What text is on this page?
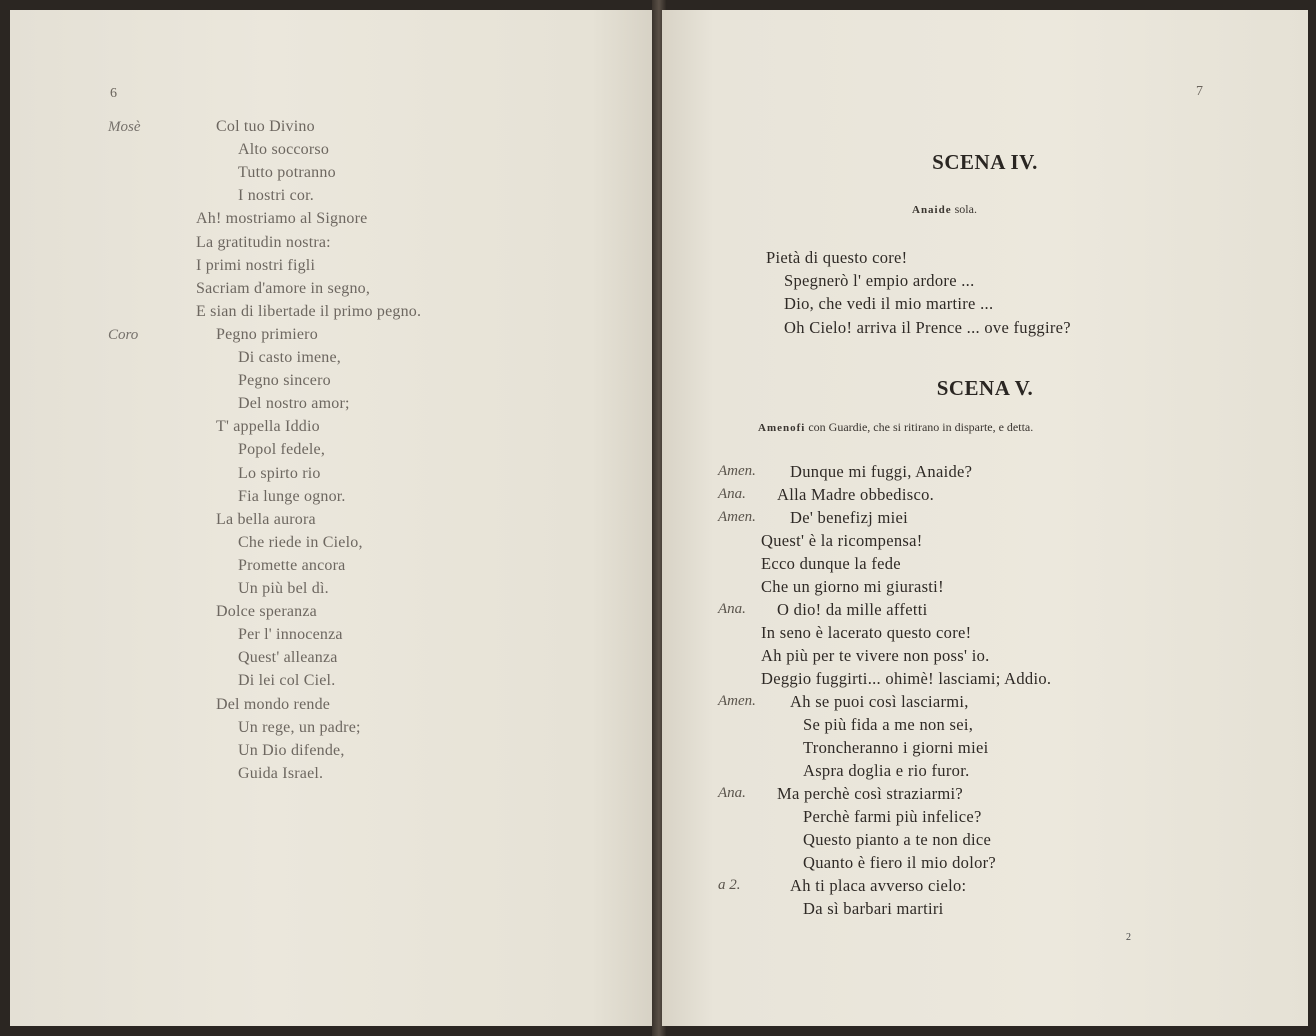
6
Mosè	Col tuo Divino
Alto soccorso
Tutto potranno
I nostri cor.
Ah! mostriamo al Signore
La gratitudin nostra:
I primi nostri figli
Sacriam d'amore in segno,
E sian di libertade il primo pegno.
Coro	Pegno primiero
Di casto imene,
Pegno sincero
Del nostro amor;
T' appella Iddio
Popol fedele,
Lo spirto rio
Fia lunge ognor.
La bella aurora
Che riede in Cielo,
Promette ancora
Un più bel dì.
Dolce speranza
Per l' innocenza
Quest' alleanza
Di lei col Ciel.
Del mondo rende
Un rege, un padre;
Un Dio difende,
Guida Israel.
7
SCENA IV.
Anaide sola.
Pietà di questo core!
Spegnerò l' empio ardore ...
Dio, che vedi il mio martire ...
Oh Cielo! arriva il Prence ... ove fuggire?
SCENA V.
Amenofi con Guardie, che si ritirano in disparte, e detta.
Amen. Dunque mi fuggi, Anaide?
Ana. Alla Madre obbedisco.
Amen. De' benefizj miei
Quest' è la ricompensa!
Ecco dunque la fede
Che un giorno mi giurasti!
Ana. O dio! da mille affetti
In seno è lacerato questo core!
Ah più per te vivere non poss' io.
Deggio fuggirti... ohimè! lasciami; Addio.
Amen. Ah se puoi così lasciarmi,
Se più fida a me non sei,
Troncheranno i giorni miei
Aspra doglia e rio furor.
Ana. Ma perchè così straziarmi?
Perchè farmi più infelice?
Questo pianto a te non dice
Quanto è fiero il mio dolor?
a 2.	Ah ti placa avverso cielo:
Da sì barbari martiri
2
